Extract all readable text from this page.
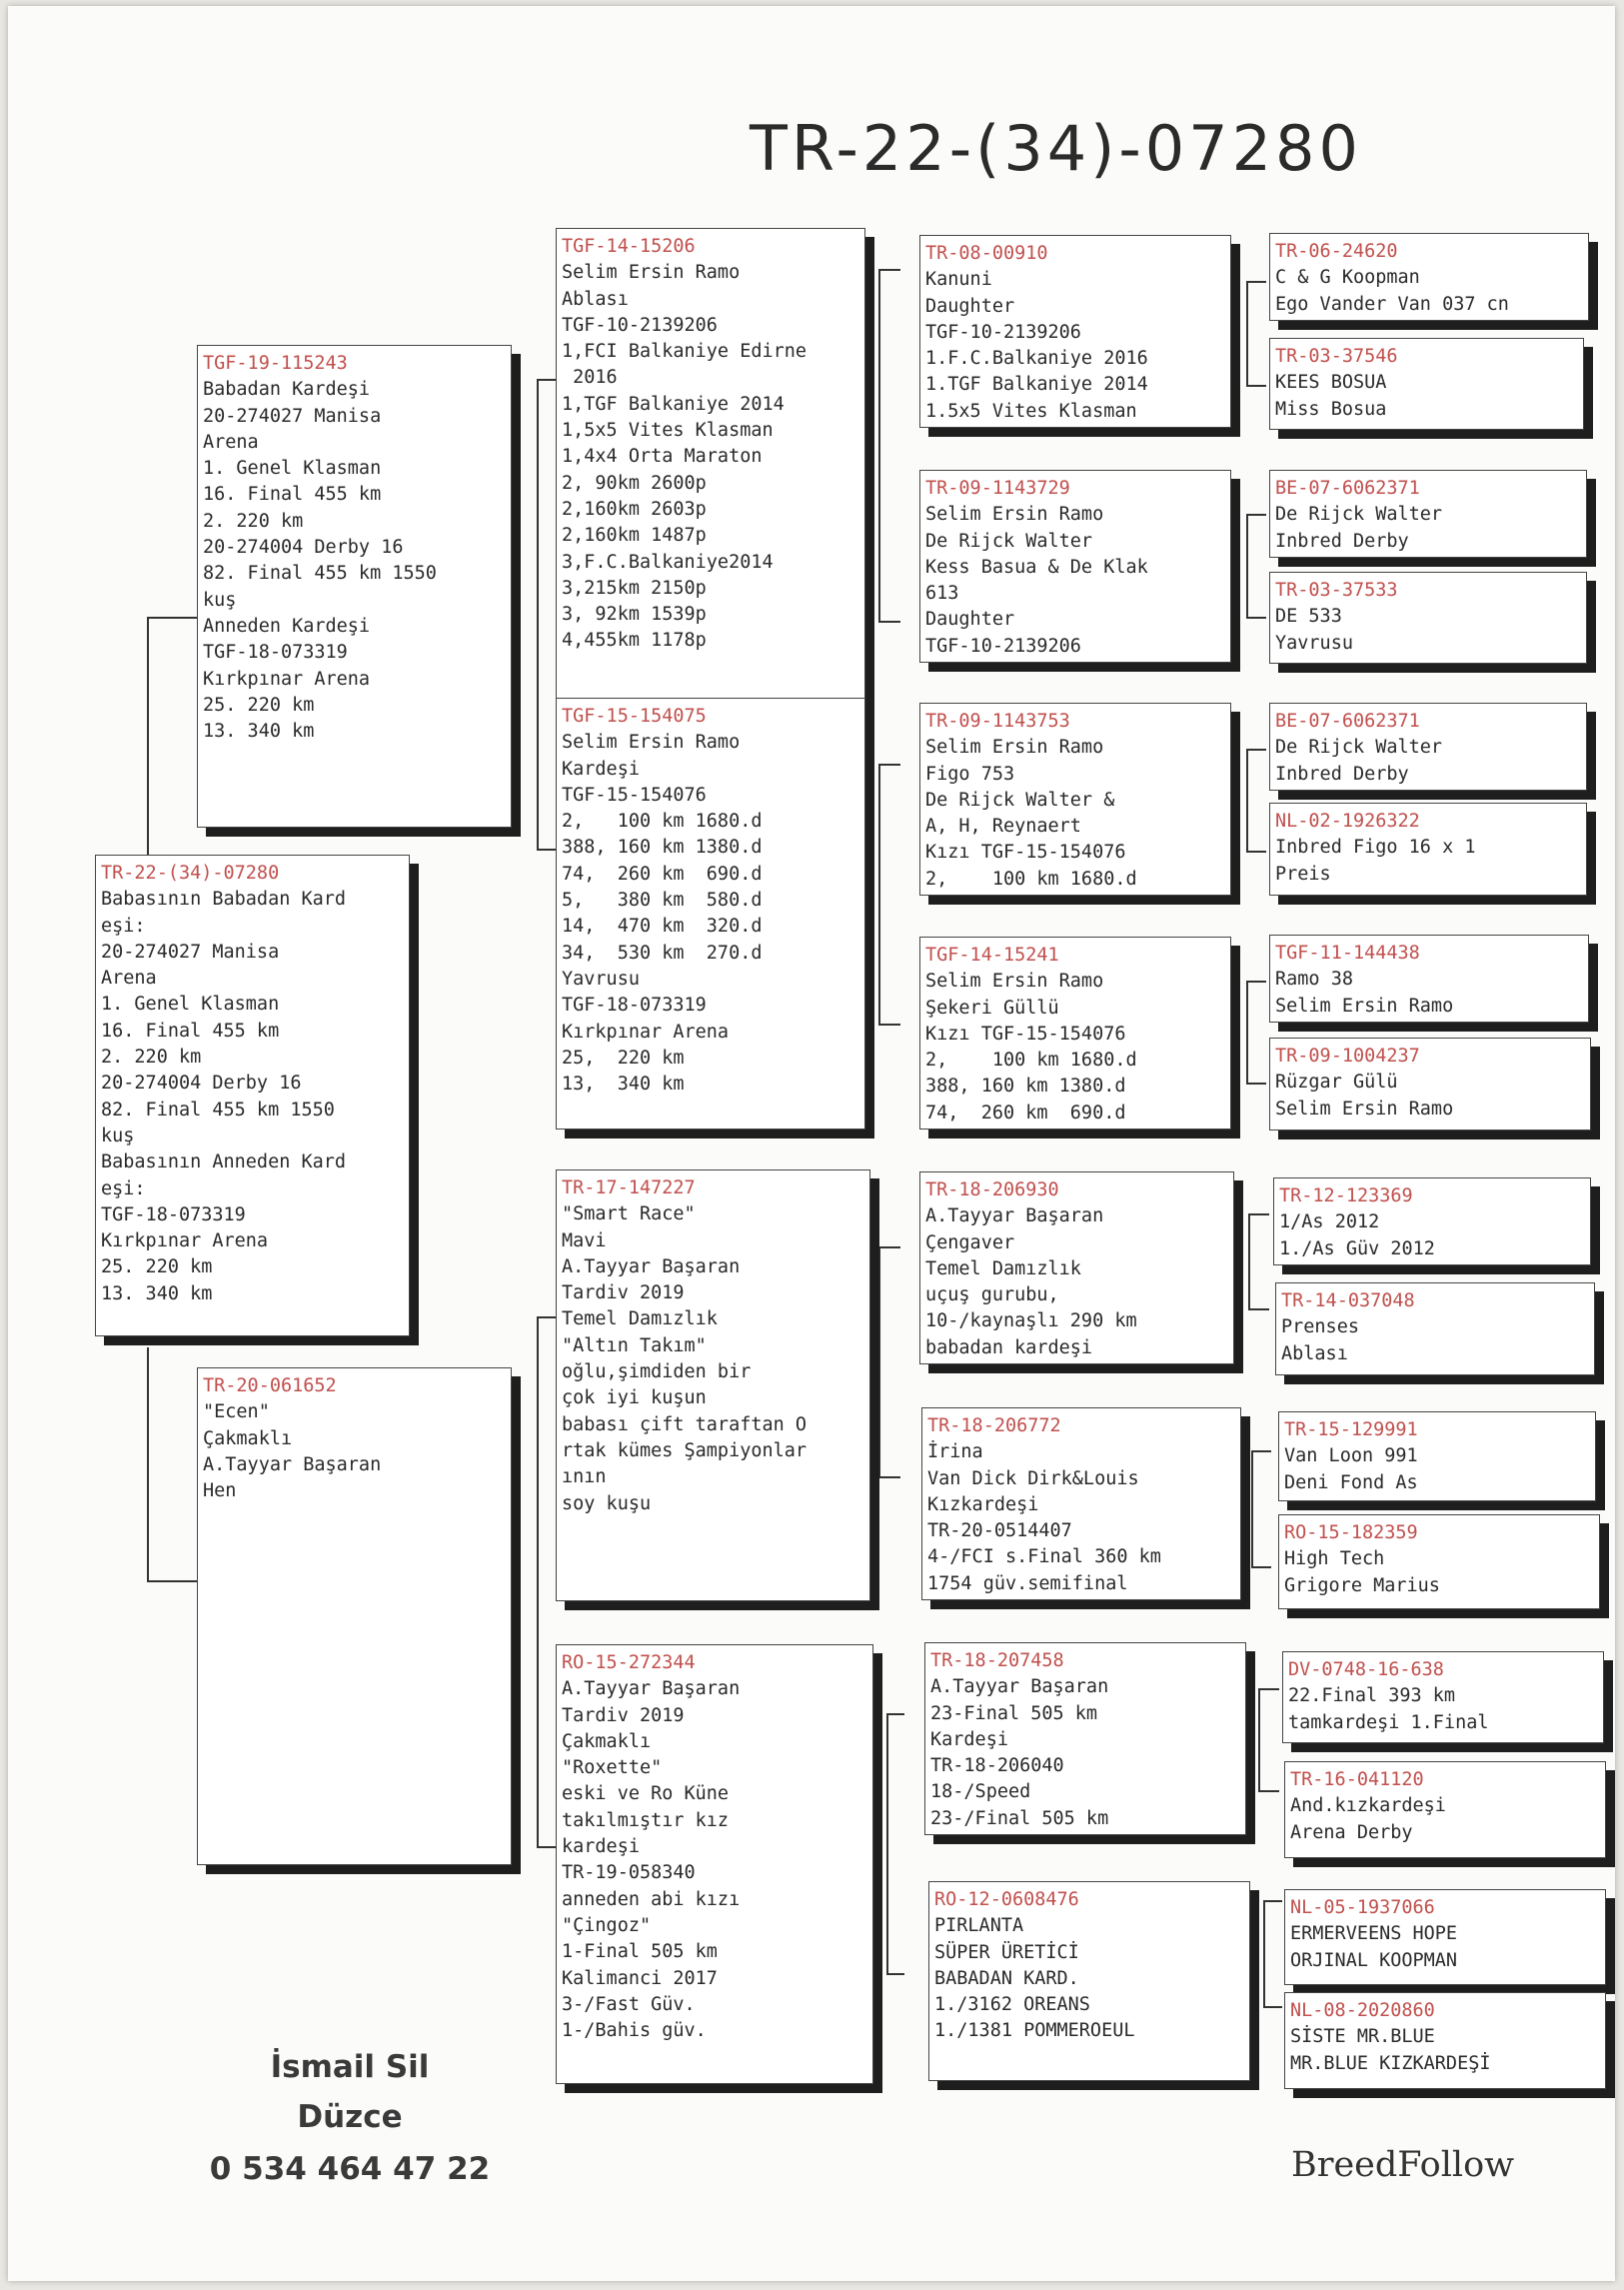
TR-22-(34)-07280
TR-22-(34)-07280
Babasının Babadan Kard
eşi:
20-274027 Manisa
Arena
1. Genel Klasman
16. Final 455 km
2. 220 km
20-274004 Derby 16
82. Final 455 km 1550
kuş
Babasının Anneden Kard
eşi:
TGF-18-073319
Kırkpınar Arena
25. 220 km
13. 340 km
TGF-19-115243
Babadan Kardeşi
20-274027 Manisa
Arena
1. Genel Klasman
16. Final 455 km
2. 220 km
20-274004 Derby 16
82. Final 455 km 1550
kuş
Anneden Kardeşi
TGF-18-073319
Kırkpınar Arena
25. 220 km
13. 340 km
TR-20-061652
"Ecen"
Çakmaklı
A.Tayyar Başaran
Hen
TGF-14-15206
Selim Ersin Ramo
Ablası
TGF-10-2139206
1,FCI Balkaniye Edirne
2016
1,TGF Balkaniye 2014
1,5x5 Vites Klasman
1,4x4 Orta Maraton
2, 90km 2600p
2,160km 2603p
2,160km 1487p
3,F.C.Balkaniye2014
3,215km 2150p
3, 92km 1539p
4,455km 1178p
TGF-15-154075
Selim Ersin Ramo
Kardeşi
TGF-15-154076
2,   100 km 1680.d
388, 160 km 1380.d
74,  260 km  690.d
5,   380 km  580.d
14,  470 km  320.d
34,  530 km  270.d
Yavrusu
TGF-18-073319
Kırkpınar Arena
25,  220 km
13,  340 km
TR-17-147227
"Smart Race"
Mavi
A.Tayyar Başaran
Tardiv 2019
Temel Damızlık
"Altın Takım"
oğlu,şimdiden bir
çok iyi kuşun
babası çift taraftan O
rtak kümes Şampiyonlar
ının
soy kuşu
RO-15-272344
A.Tayyar Başaran
Tardiv 2019
Çakmaklı
"Roxette"
eski ve Ro Küne
takılmıştır kız
kardeşi
TR-19-058340
anneden abi kızı
"Çingoz"
1-Final 505 km
Kalimanci 2017
3-/Fast Güv.
1-/Bahis güv.
TR-08-00910
Kanuni
Daughter
TGF-10-2139206
1.F.C.Balkaniye 2016
1.TGF Balkaniye 2014
1.5x5 Vites Klasman
TR-09-1143729
Selim Ersin Ramo
De Rijck Walter
Kess Basua & De Klak
613
Daughter
TGF-10-2139206
TR-09-1143753
Selim Ersin Ramo
Figo 753
De Rijck Walter &
A, H, Reynaert
Kızı TGF-15-154076
2,    100 km 1680.d
TGF-14-15241
Selim Ersin Ramo
Şekeri Güllü
Kızı TGF-15-154076
2,    100 km 1680.d
388, 160 km 1380.d
74,  260 km  690.d
TR-18-206930
A.Tayyar Başaran
Çengaver
Temel Damızlık
uçuş gurubu,
10-/kaynaşlı 290 km
babadan kardeşi
TR-18-206772
İrina
Van Dick Dirk&Louis
Kızkardeşi
TR-20-0514407
4-/FCI s.Final 360 km
1754 güv.semifinal
TR-18-207458
A.Tayyar Başaran
23-Final 505 km
Kardeşi
TR-18-206040
18-/Speed
23-/Final 505 km
RO-12-0608476
PIRLANTA
SÜPER ÜRETİCİ
BABADAN KARD.
1./3162 OREANS
1./1381 POMMEROEUL
TR-06-24620
C & G Koopman
Ego Vander Van 037 cn
TR-03-37546
KEES BOSUA
Miss Bosua
BE-07-6062371
De Rijck Walter
Inbred Derby
TR-03-37533
DE 533
Yavrusu
BE-07-6062371
De Rijck Walter
Inbred Derby
NL-02-1926322
Inbred Figo 16 x 1
Preis
TGF-11-144438
Ramo 38
Selim Ersin Ramo
TR-09-1004237
Rüzgar Gülü
Selim Ersin Ramo
TR-12-123369
1/As 2012
1./As Güv 2012
TR-14-037048
Prenses
Ablası
TR-15-129991
Van Loon 991
Deni Fond As
RO-15-182359
High Tech
Grigore Marius
DV-0748-16-638
22.Final 393 km
tamkardeşi 1.Final
TR-16-041120
And.kızkardeşi
Arena Derby
NL-05-1937066
ERMERVEENS HOPE
ORJINAL KOOPMAN
NL-08-2020860
SİSTE MR.BLUE
MR.BLUE KIZKARDEŞİ
İsmail Sil
Düzce
0 534 464 47 22	BreedFollow
